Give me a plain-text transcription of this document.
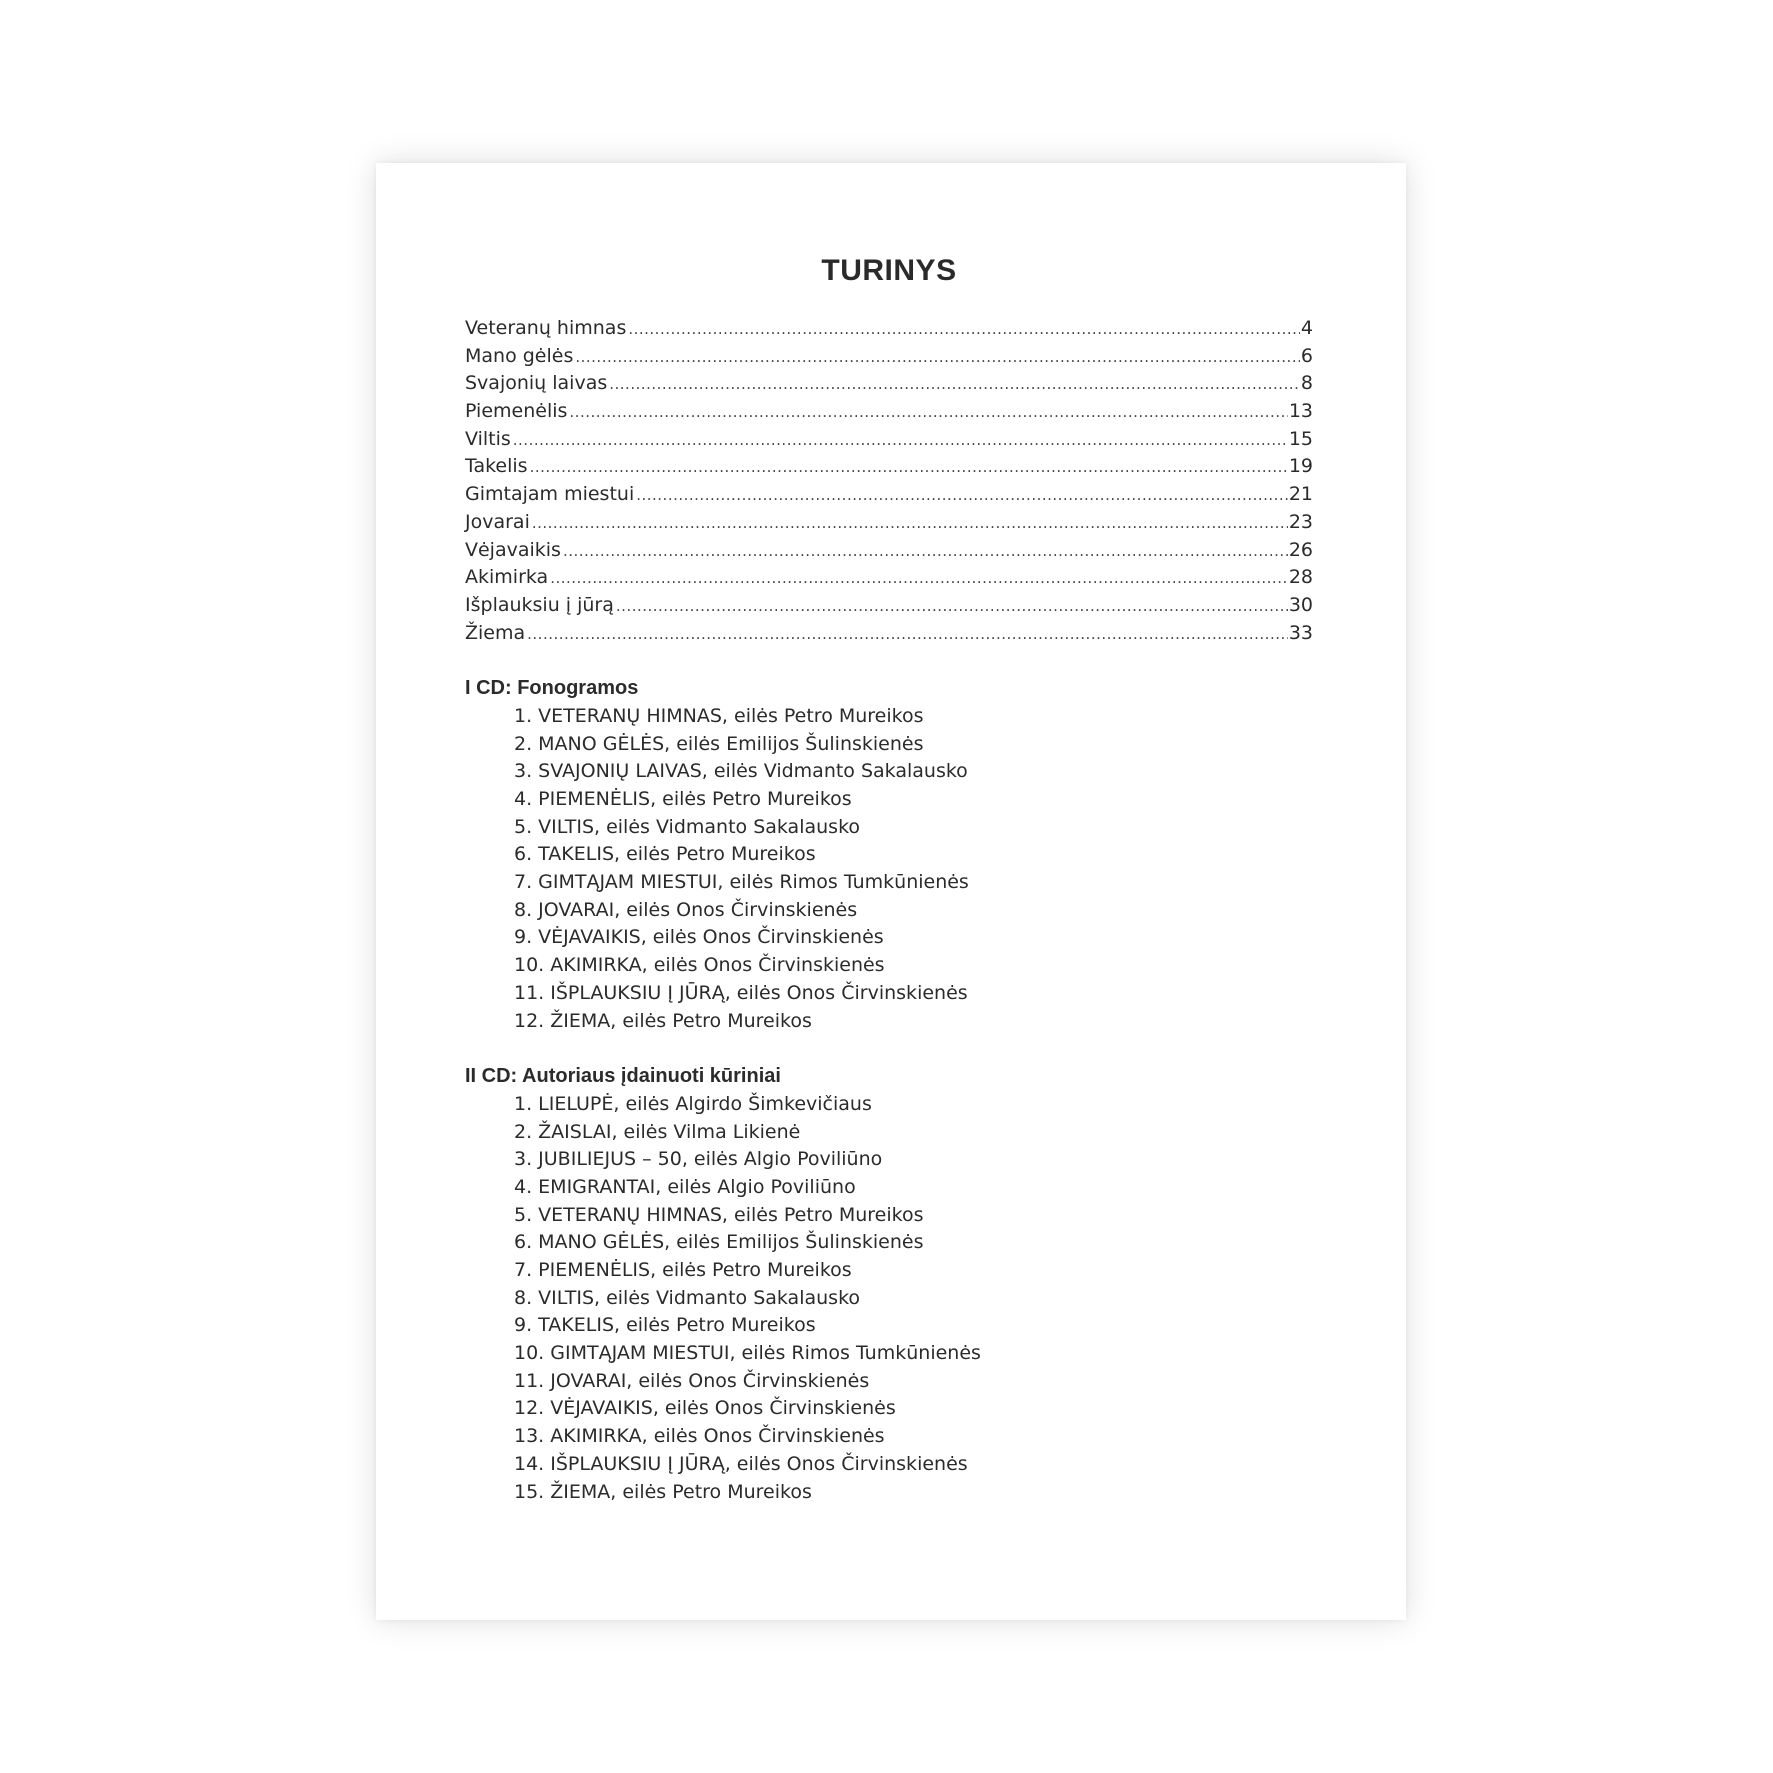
TURINYS
Veteranų himnas .....	4
Mano gėlės .....	6
Svajonių laivas .....	8
Piemenėlis .....	13
Viltis .....	15
Takelis .....	19
Gimtajam miestui .....	21
Jovarai .....	23
Vėjavaikis .....	26
Akimirka .....	28
Išplauksiu į jūrą .....	30
Žiema .....	33
I CD: Fonogramos
1. VETERANŲ HIMNAS, eilės Petro Mureikos
2. MANO GĖLĖS, eilės Emilijos Šulinskienės
3. SVAJONIŲ LAIVAS, eilės Vidmanto Sakalausko
4. PIEMENĖLIS, eilės Petro Mureikos
5. VILTIS, eilės Vidmanto Sakalausko
6. TAKELIS, eilės Petro Mureikos
7. GIMTĄJAM MIESTUI, eilės Rimos Tumkūnienės
8. JOVARAI, eilės Onos Čirvinskienės
9. VĖJAVAIKIS, eilės Onos Čirvinskienės
10. AKIMIRKA, eilės Onos Čirvinskienės
11. IŠPLAUKSIU Į JŪRĄ, eilės Onos Čirvinskienės
12. ŽIEMA, eilės Petro Mureikos
II CD: Autoriaus įdainuoti kūriniai
1. LIELUPĖ, eilės Algirdo Šimkevičiaus
2. ŽAISLAI, eilės Vilma Likienė
3. JUBILIEJUS – 50, eilės Algio Poviliūno
4. EMIGRANTAI, eilės Algio Poviliūno
5. VETERANŲ HIMNAS, eilės Petro Mureikos
6. MANO GĖLĖS, eilės Emilijos Šulinskienės
7. PIEMENĖLIS, eilės Petro Mureikos
8. VILTIS, eilės Vidmanto Sakalausko
9. TAKELIS, eilės Petro Mureikos
10. GIMTĄJAM MIESTUI, eilės Rimos Tumkūnienės
11. JOVARAI, eilės Onos Čirvinskienės
12. VĖJAVAIKIS, eilės Onos Čirvinskienės
13. AKIMIRKA, eilės Onos Čirvinskienės
14. IŠPLAUKSIU Į JŪRĄ, eilės Onos Čirvinskienės
15. ŽIEMA, eilės Petro Mureikos
